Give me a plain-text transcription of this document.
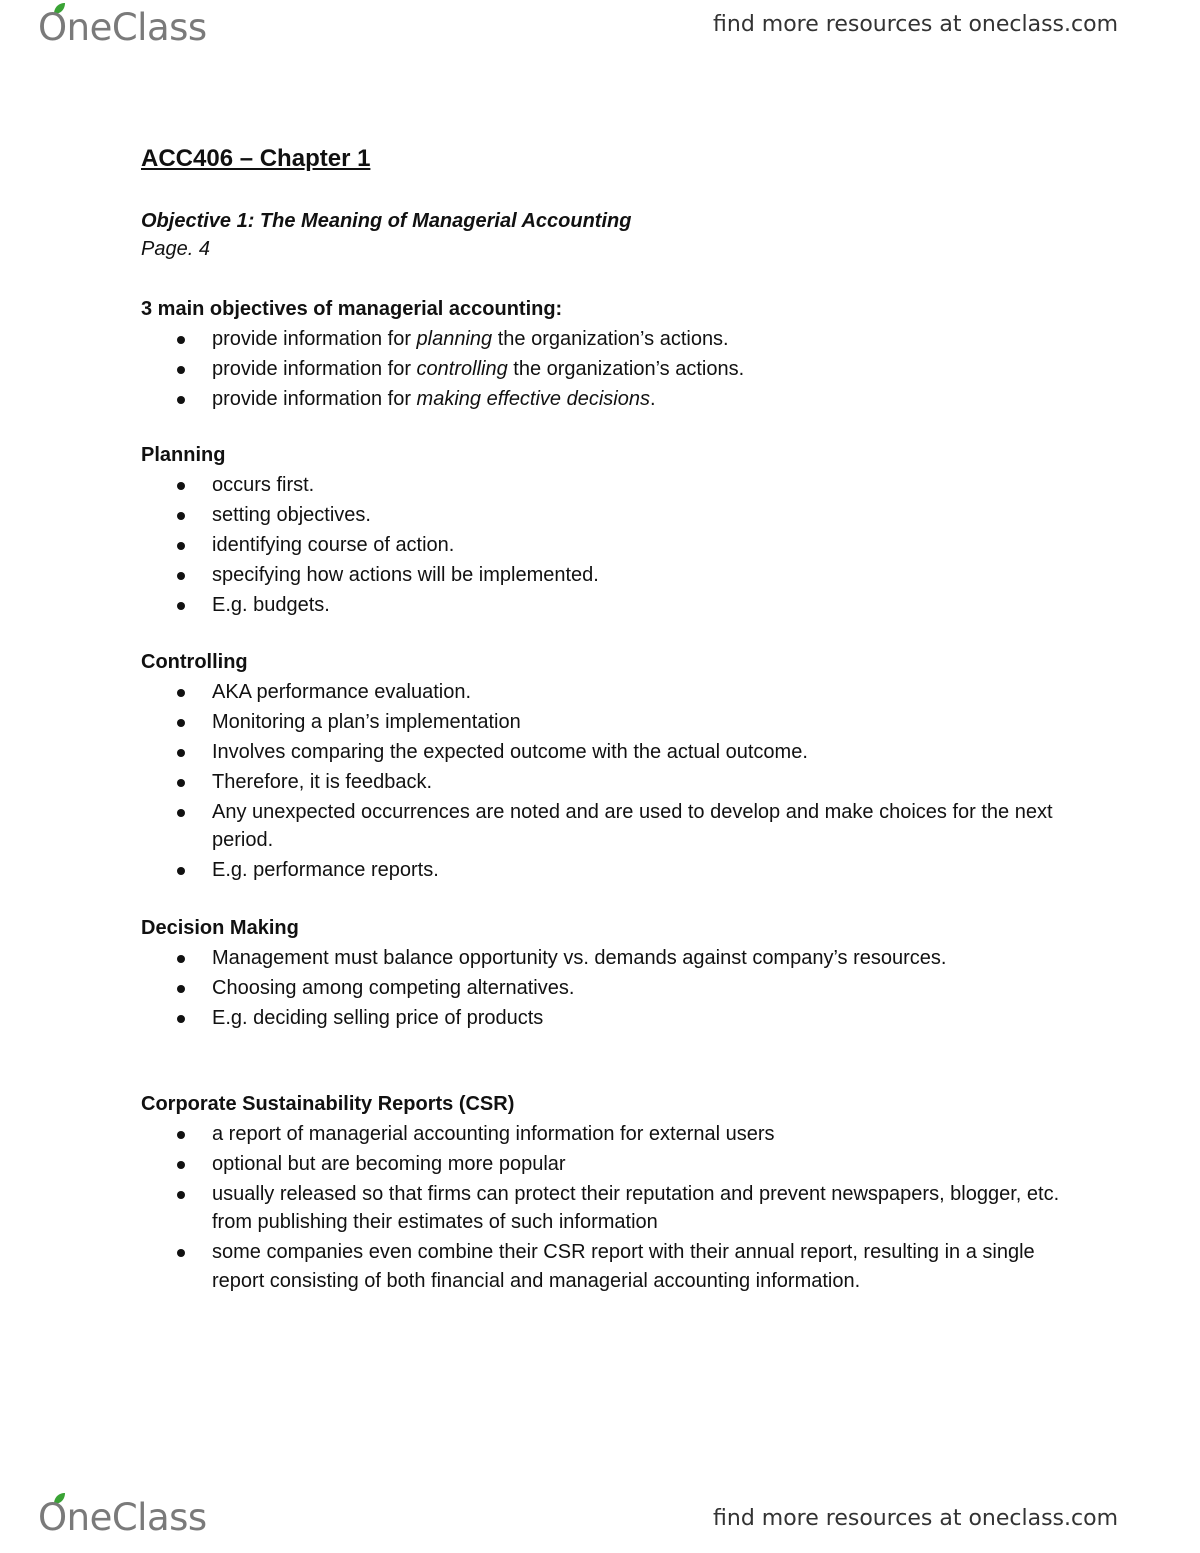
OneClass	find more resources at oneclass.com
ACC406 – Chapter 1
Objective 1: The Meaning of Managerial Accounting
Page. 4
3 main objectives of managerial accounting:
provide information for planning the organization’s actions.
provide information for controlling the organization’s actions.
provide information for making effective decisions.
Planning
occurs first.
setting objectives.
identifying course of action.
specifying how actions will be implemented.
E.g. budgets.
Controlling
AKA performance evaluation.
Monitoring a plan’s implementation
Involves comparing the expected outcome with the actual outcome.
Therefore, it is feedback.
Any unexpected occurrences are noted and are used to develop and make choices for the next period.
E.g. performance reports.
Decision Making
Management must balance opportunity vs. demands against company’s resources.
Choosing among competing alternatives.
E.g. deciding selling price of products
Corporate Sustainability Reports (CSR)
a report of managerial accounting information for external users
optional but are becoming more popular
usually released so that firms can protect their reputation and prevent newspapers, blogger, etc. from publishing their estimates of such information
some companies even combine their CSR report with their annual report, resulting in a single report consisting of both financial and managerial accounting information.
OneClass	find more resources at oneclass.com
